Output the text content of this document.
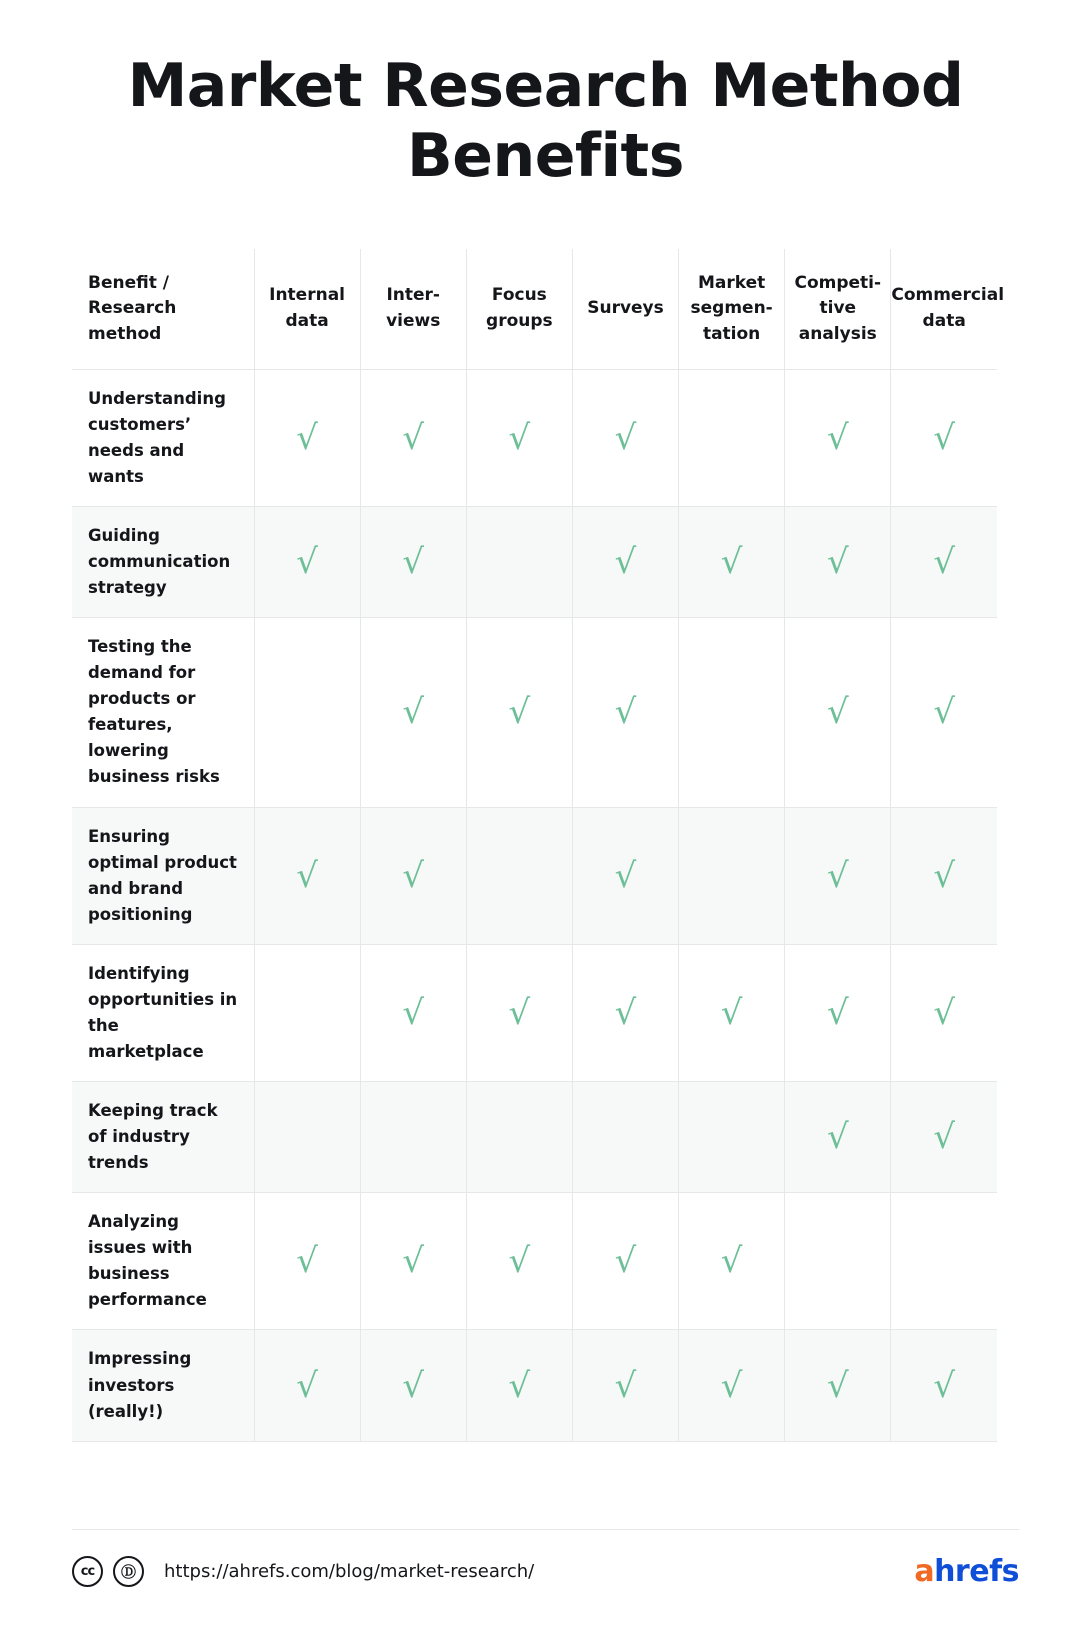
Market Research Method Benefits
Benefit /
Research method	Internal data	Inter-views	Focus groups	Surveys	Market segmen-tation	Competi-tive analysis	Commercial data
Understanding customers’ needs and wants	√	√	√	√		√	√
Guiding communication strategy	√	√		√	√	√	√
Testing the demand for products or features, lowering business risks		√	√	√		√	√
Ensuring optimal product and brand positioning	√	√		√		√	√
Identifying opportunities in the marketplace		√	√	√	√	√	√
Keeping track of industry trends						√	√
Analyzing issues with business performance	√	√	√	√	√		
Impressing investors (really!)	√	√	√	√	√	√	√
cc	Ⓓ	https://ahrefs.com/blog/market-research/	ahrefs
